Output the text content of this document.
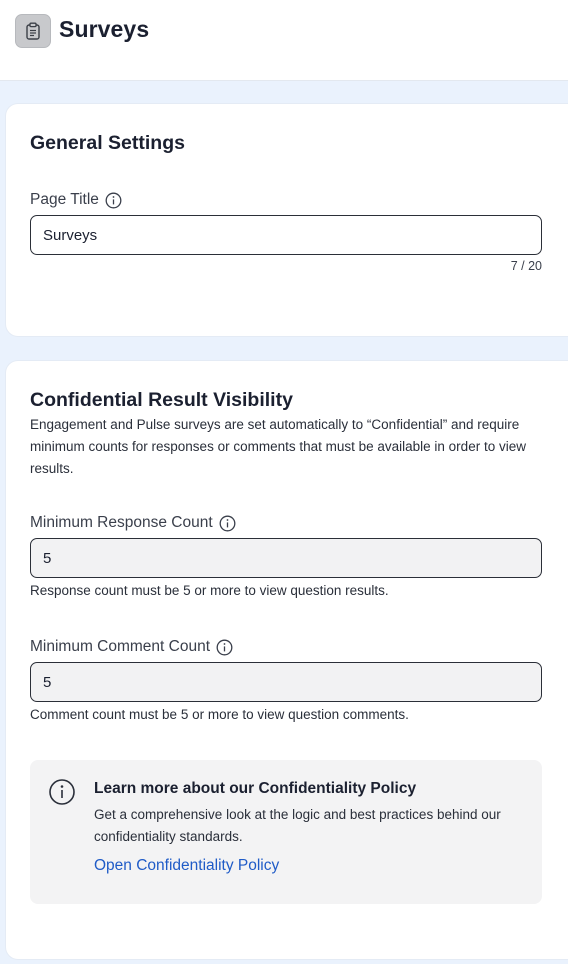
Surveys
General Settings
Page Title
Surveys
7 / 20
Confidential Result Visibility
Engagement and Pulse surveys are set automatically to “Confidential” and require minimum counts for responses or comments that must be available in order to view results.
Minimum Response Count
5
Response count must be 5 or more to view question results.
Minimum Comment Count
5
Comment count must be 5 or more to view question comments.
Learn more about our Confidentiality Policy
Get a comprehensive look at the logic and best practices behind our confidentiality standards.
Open Confidentiality Policy
